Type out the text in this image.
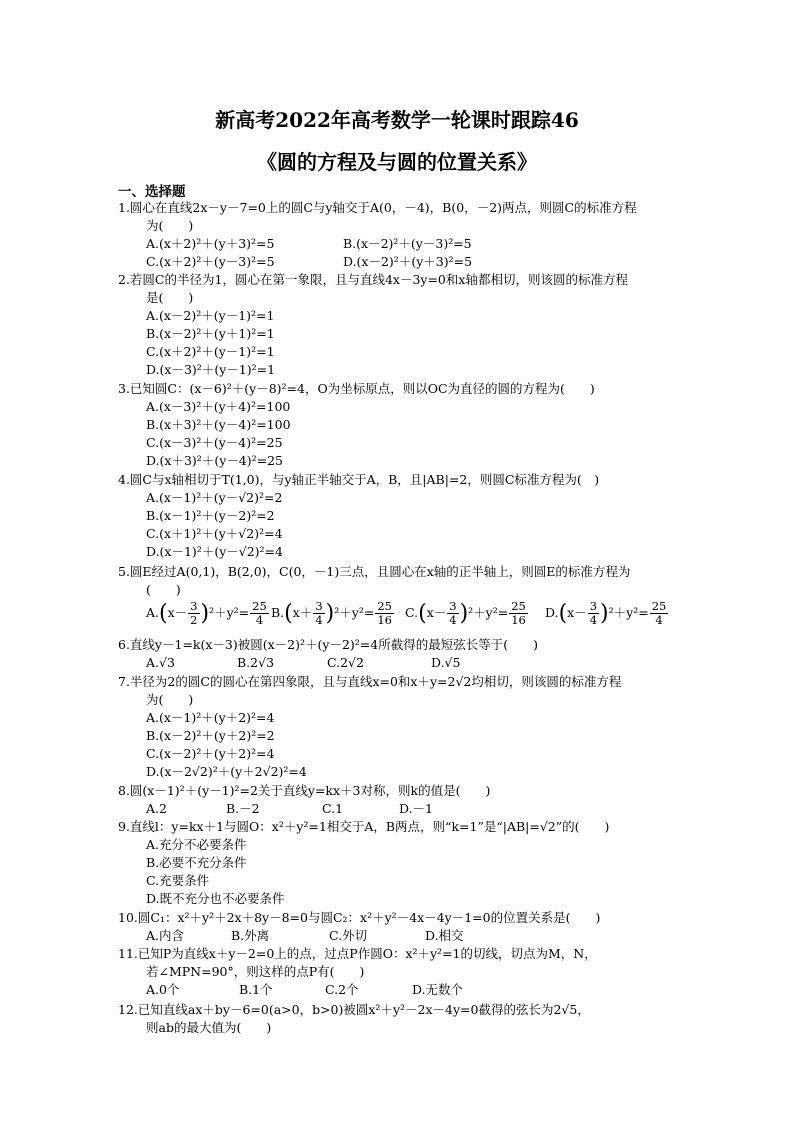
新高考2022年高考数学一轮课时跟踪46
《圆的方程及与圆的位置关系》
一、选择题
1.圆心在直线2x－y－7=0上的圆C与y轴交于A(0，－4)，B(0，－2)两点，则圆C的标准方程
为(　　)
A.(x＋2)²＋(y＋3)²=5	B.(x－2)²＋(y－3)²=5
C.(x＋2)²＋(y－3)²=5	D.(x－2)²＋(y＋3)²=5
2.若圆C的半径为1，圆心在第一象限，且与直线4x－3y=0和x轴都相切，则该圆的标准方程
是(　　)
A.(x－2)²＋(y－1)²=1
B.(x－2)²＋(y＋1)²=1
C.(x＋2)²＋(y－1)²=1
D.(x－3)²＋(y－1)²=1
3.已知圆C：(x－6)²＋(y－8)²=4，O为坐标原点，则以OC为直径的圆的方程为(　　)
A.(x－3)²＋(y＋4)²=100
B.(x＋3)²＋(y－4)²=100
C.(x－3)²＋(y－4)²=25
D.(x＋3)²＋(y－4)²=25
4.圆C与x轴相切于T(1,0)，与y轴正半轴交于A，B，且|AB|=2，则圆C标准方程为(　)
A.(x－1)²＋(y－√2)²=2
B.(x－1)²＋(y－2)²=2
C.(x＋1)²＋(y＋√2)²=4
D.(x－1)²＋(y－√2)²=4
5.圆E经过A(0,1)，B(2,0)，C(0，－1)三点，且圆心在x轴的正半轴上，则圆E的标准方程为
(　　)
$A.(x- \frac{3}{2} )^2+y^2= \frac{25}{4} B.(x+ \frac{3}{4} )^2+y^2= \frac{25}{16} C.(x- \frac{3}{4} )^2+y^2= \frac{25}{16} D.(x- \frac{3}{4} )^2+y^2= \frac{25}{4}$
6.直线y－1=k(x－3)被圆(x－2)²＋(y－2)²=4所截得的最短弦长等于(　　)
A.√3	B.2√3	C.2√2	D.√5
7.半径为2的圆C的圆心在第四象限，且与直线x=0和x＋y=2√2均相切，则该圆的标准方程
为(　　)
A.(x－1)²＋(y＋2)²=4
B.(x－2)²＋(y＋2)²=2
C.(x－2)²＋(y＋2)²=4
D.(x－2√2)²＋(y＋2√2)²=4
8.圆(x－1)²＋(y－1)²=2关于直线y=kx＋3对称，则k的值是(　　)
A.2	B.－2	C.1	D.－1
9.直线l：y=kx＋1与圆O：x²＋y²=1相交于A，B两点，则“k=1”是“|AB|=√2”的(　　)
A.充分不必要条件
B.必要不充分条件
C.充要条件
D.既不充分也不必要条件
10.圆C₁：x²＋y²＋2x＋8y－8=0与圆C₂：x²＋y²－4x－4y－1=0的位置关系是(　　)
A.内含	B.外离	C.外切	D.相交
11.已知P为直线x＋y－2=0上的点，过点P作圆O：x²＋y²=1的切线，切点为M，N，
若∠MPN=90°，则这样的点P有(　　)
A.0个	B.1个	C.2个	D.无数个
12.已知直线ax＋by－6=0(a>0，b>0)被圆x²＋y²－2x－4y=0截得的弦长为2√5，
则ab的最大值为(　　)
